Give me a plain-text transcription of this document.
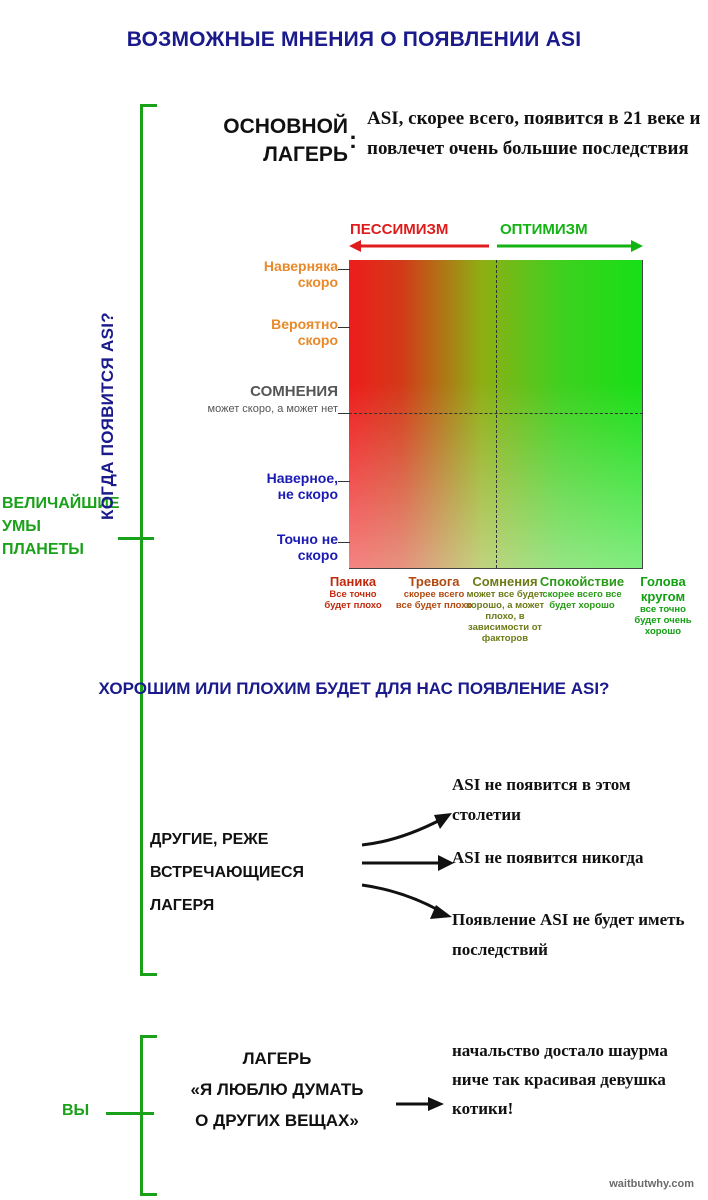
ВОЗМОЖНЫЕ МНЕНИЯ О ПОЯВЛЕНИИ ASI
ВЕЛИЧАЙШИЕ УМЫ ПЛАНЕТЫ
ВЫ
ОСНОВНОЙ
ЛАГЕРЬ
:
ASI, скорее всего, появится в 21 веке и повлечет очень большие последствия
ПЕССИМИЗМ	ОПТИМИЗМ
КОГДА ПОЯВИТСЯ ASI?
Наверняка
скоро
Вероятно
скоро
СОМНЕНИЯ
может скоро, а может нет
Наверное,
не скоро
Точно не
скоро
Паника
Все точно будет плохо
Тревога
скорее всего все будет плохо
Сомнения
может все будет хорошо, а может плохо, в зависимости от факторов
Спокойствие
скорее всего все будет хорошо
Голова кругом
все точно будет очень хорошо
ХОРОШИМ ИЛИ ПЛОХИМ БУДЕТ ДЛЯ НАС ПОЯВЛЕНИЕ ASI?
ДРУГИЕ, РЕЖЕ ВСТРЕЧАЮЩИЕСЯ ЛАГЕРЯ
ASI не появится в этом столетии
ASI не появится никогда
Появление ASI не будет иметь последствий
ЛАГЕРЬ
«Я ЛЮБЛЮ ДУМАТЬ
О ДРУГИХ ВЕЩАХ»
начальство достало шаурма ниче так красивая девушка котики!
waitbutwhy.com
